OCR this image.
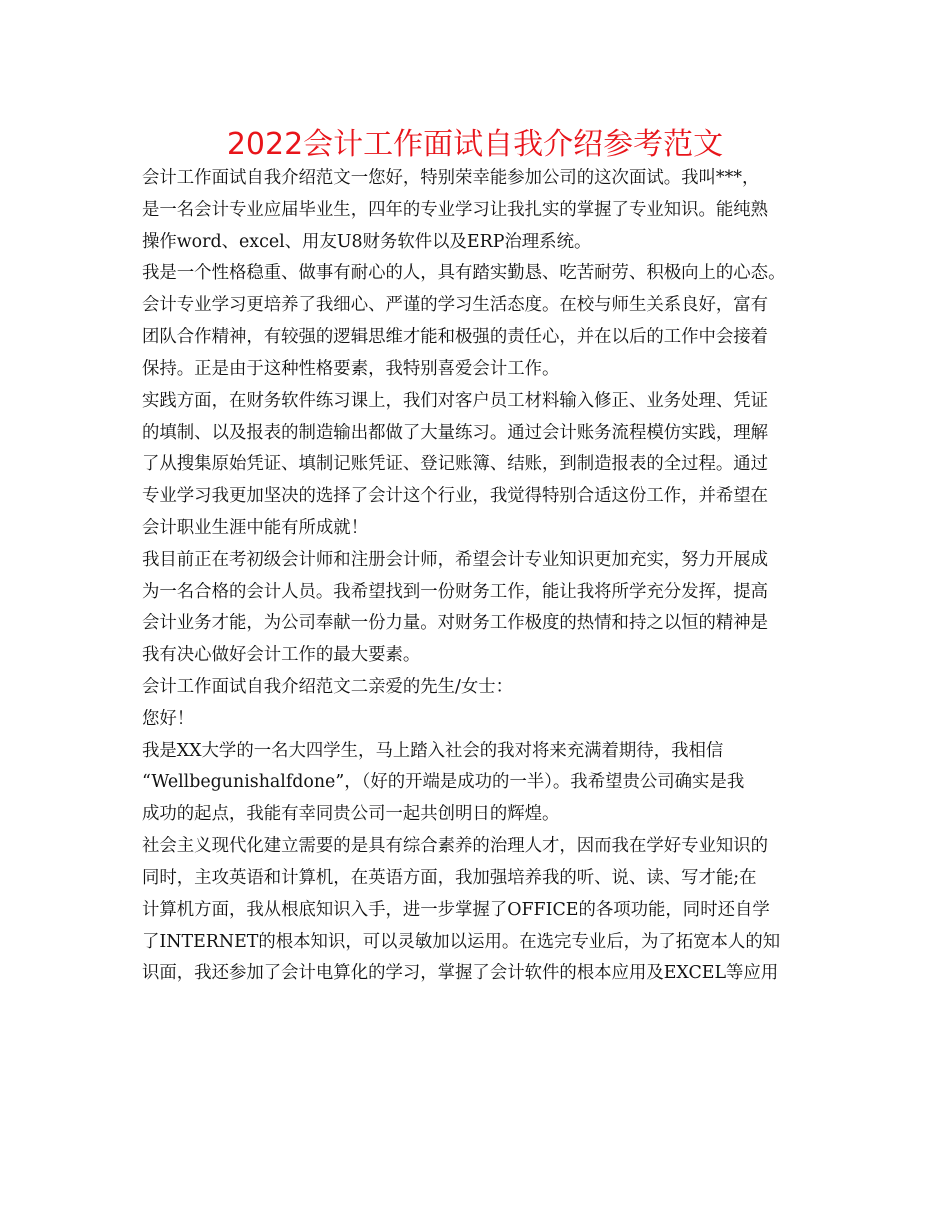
2022会计工作面试自我介绍参考范文
会计工作面试自我介绍范文一您好，特别荣幸能参加公司的这次面试。我叫***，
是一名会计专业应届毕业生，四年的专业学习让我扎实的掌握了专业知识。能纯熟
操作word、excel、用友U8财务软件以及ERP治理系统。
我是一个性格稳重、做事有耐心的人，具有踏实勤恳、吃苦耐劳、积极向上的心态。
会计专业学习更培养了我细心、严谨的学习生活态度。在校与师生关系良好，富有
团队合作精神，有较强的逻辑思维才能和极强的责任心，并在以后的工作中会接着
保持。正是由于这种性格要素，我特别喜爱会计工作。
实践方面，在财务软件练习课上，我们对客户员工材料输入修正、业务处理、凭证
的填制、以及报表的制造输出都做了大量练习。通过会计账务流程模仿实践，理解
了从搜集原始凭证、填制记账凭证、登记账簿、结账，到制造报表的全过程。通过
专业学习我更加坚决的选择了会计这个行业，我觉得特别合适这份工作，并希望在
会计职业生涯中能有所成就！
我目前正在考初级会计师和注册会计师，希望会计专业知识更加充实，努力开展成
为一名合格的会计人员。我希望找到一份财务工作，能让我将所学充分发挥，提高
会计业务才能，为公司奉献一份力量。对财务工作极度的热情和持之以恒的精神是
我有决心做好会计工作的最大要素。
会计工作面试自我介绍范文二亲爱的先生/女士：
您好！
我是XX大学的一名大四学生，马上踏入社会的我对将来充满着期待，我相信
“Wellbegunishalfdone”，（好的开端是成功的一半）。我希望贵公司确实是我
成功的起点，我能有幸同贵公司一起共创明日的辉煌。
社会主义现代化建立需要的是具有综合素养的治理人才，因而我在学好专业知识的
同时，主攻英语和计算机，在英语方面，我加强培养我的听、说、读、写才能;在
计算机方面，我从根底知识入手，进一步掌握了OFFICE的各项功能，同时还自学
了INTERNET的根本知识，可以灵敏加以运用。在选完专业后，为了拓宽本人的知
识面，我还参加了会计电算化的学习，掌握了会计软件的根本应用及EXCEL等应用
